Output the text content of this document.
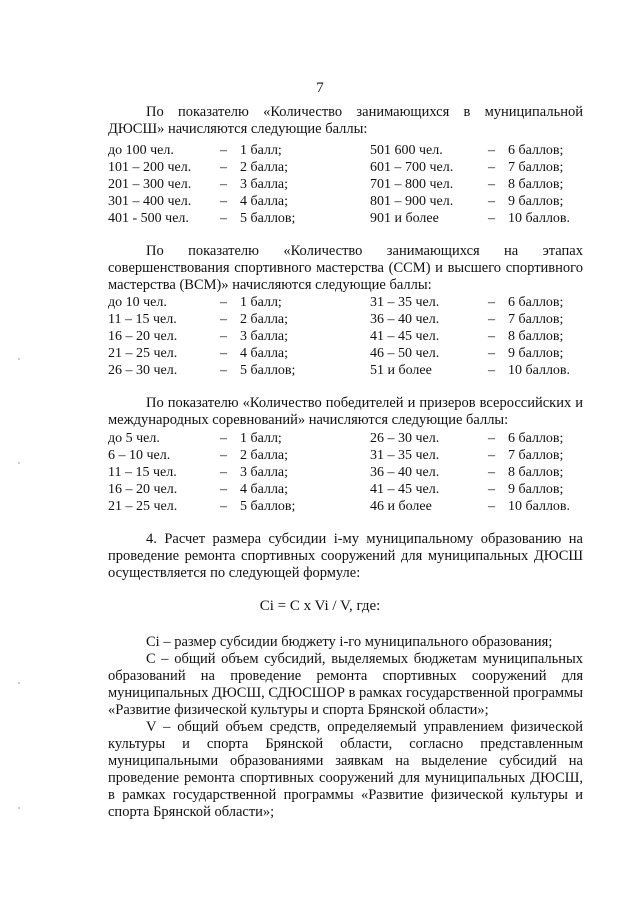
7
По показателю «Количество занимающихся в муниципальной ДЮСШ» начисляются следующие баллы:
до 100 чел.	– 1 балл;	501 600 чел.	– 6 баллов;
101 – 200 чел. – 2 балла;	601 – 700 чел. – 7 баллов;
201 – 300 чел. – 3 балла;	701 – 800 чел. – 8 баллов;
301 – 400 чел. – 4 балла;	801 – 900 чел. – 9 баллов;
401 - 500 чел. – 5 баллов;	901 и более	– 10 баллов.
По показателю «Количество занимающихся на этапах совершенствования спортивного мастерства (ССМ) и высшего спортивного мастерства (ВСМ)» начисляются следующие баллы:
до 10 чел.	– 1 балл;	31 – 35 чел.	– 6 баллов;
11 – 15 чел.	– 2 балла;	36 – 40 чел.	– 7 баллов;
16 – 20 чел.	– 3 балла;	41 – 45 чел.	– 8 баллов;
21 – 25 чел.	– 4 балла;	46 – 50 чел.	– 9 баллов;
26 – 30 чел.	– 5 баллов;	51 и более	– 10 баллов.
По показателю «Количество победителей и призеров всероссийских и международных соревнований» начисляются следующие баллы:
до 5 чел.	– 1 балл;	26 – 30 чел.	– 6 баллов;
6 – 10 чел.	– 2 балла;	31 – 35 чел.	– 7 баллов;
11 – 15 чел.	– 3 балла;	36 – 40 чел.	– 8 баллов;
16 – 20 чел.	– 4 балла;	41 – 45 чел.	– 9 баллов;
21 – 25 чел.	– 5 баллов;	46 и более	– 10 баллов.
4. Расчет размера субсидии i-му муниципальному образованию на проведение ремонта спортивных сооружений для муниципальных ДЮСШ осуществляется по следующей формуле:
Ci = C x Vi / V, где:
Ci – размер субсидии бюджету i-го муниципального образования;
С – общий объем субсидий, выделяемых бюджетам муниципальных образований на проведение ремонта спортивных сооружений для муниципальных ДЮСШ, СДЮСШОР в рамках государственной программы «Развитие физической культуры и спорта Брянской области»;
V – общий объем средств, определяемый управлением физической культуры и спорта Брянской области, согласно представленным муниципальными образованиями заявкам на выделение субсидий на проведение ремонта спортивных сооружений для муниципальных ДЮСШ, в рамках государственной программы «Развитие физической культуры и спорта Брянской области»;
